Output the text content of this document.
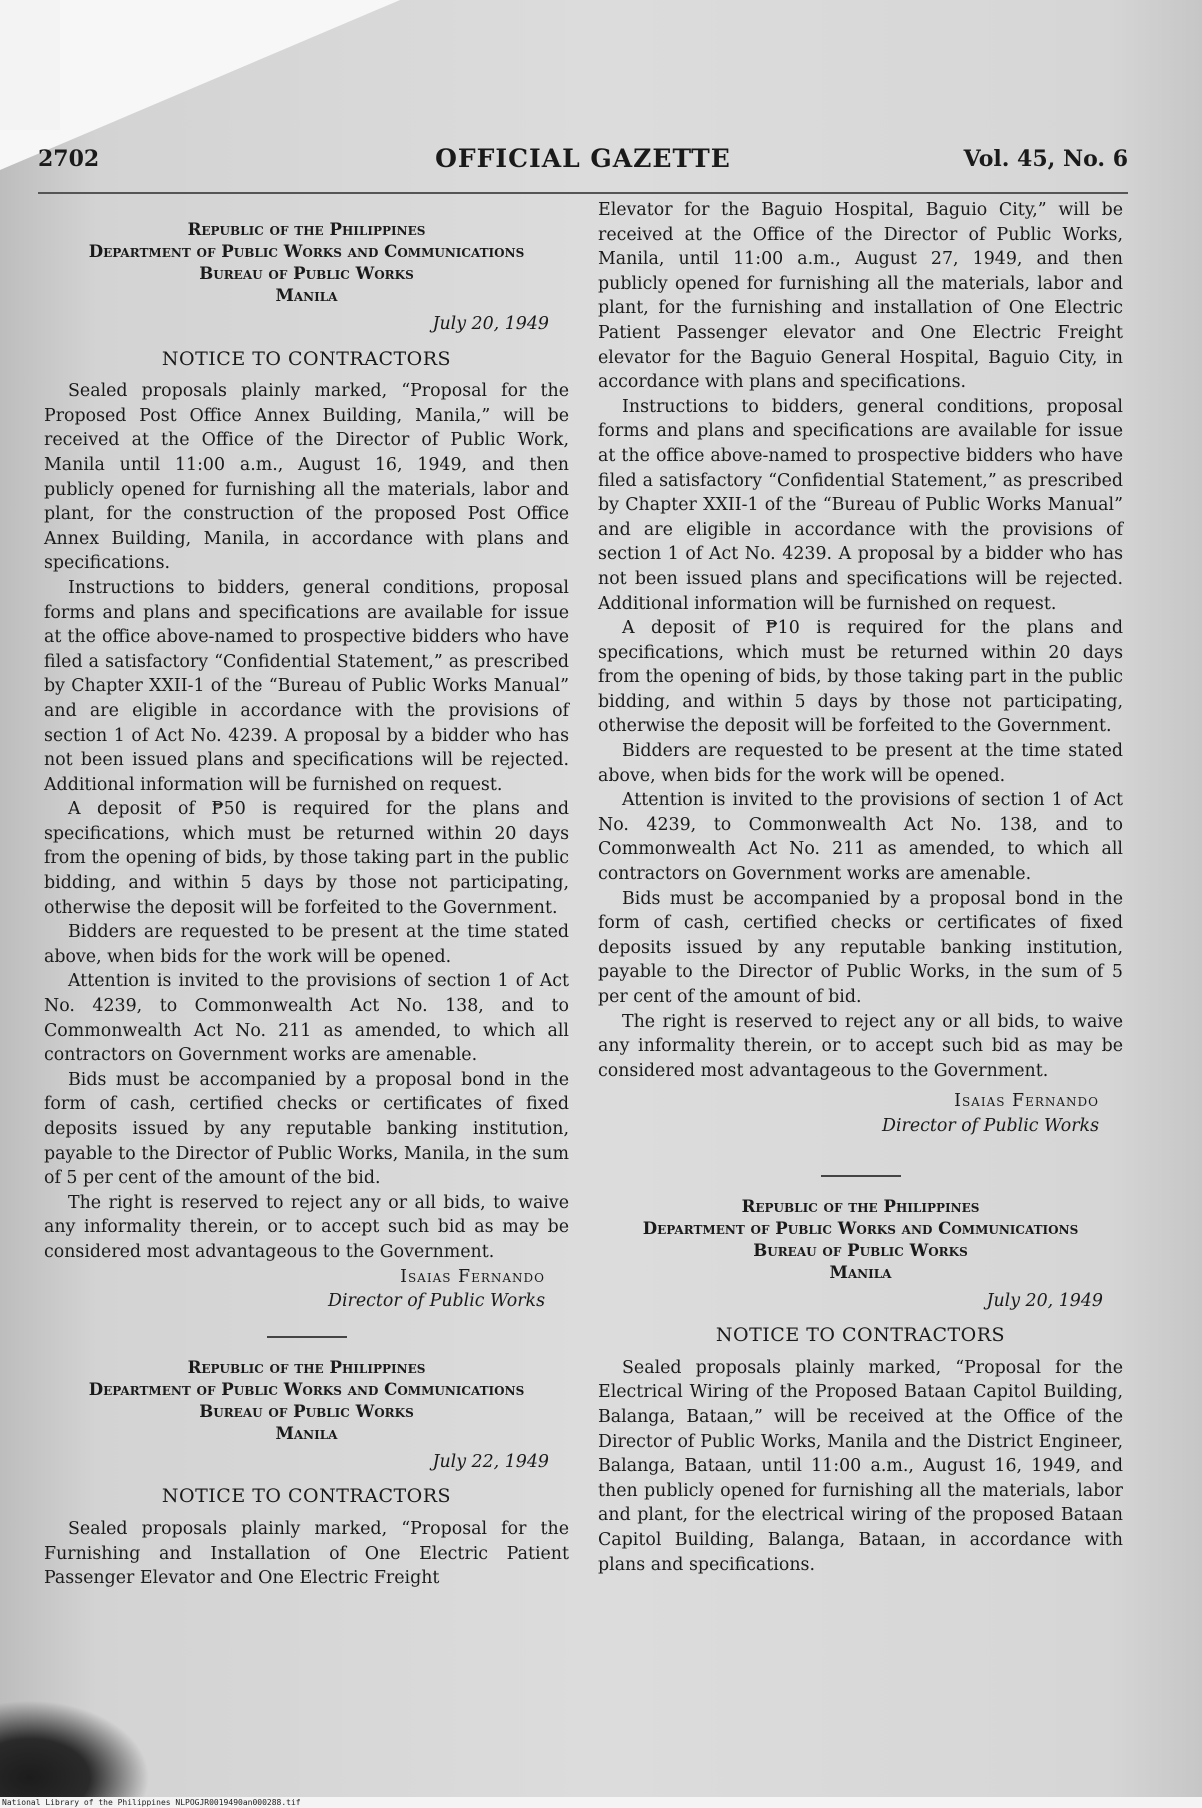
2702	OFFICIAL GAZETTE	Vol. 45, No. 6
Republic of the Philippines
Department of Public Works and Communications
Bureau of Public Works
Manila
July 20, 1949
NOTICE TO CONTRACTORS

Sealed proposals plainly marked, “Proposal for the Proposed Post Office Annex Building, Manila,” will be received at the Office of the Director of Public Work, Manila until 11:00 a.m., August 16, 1949, and then publicly opened for furnishing all the materials, labor and plant, for the construction of the proposed Post Office Annex Building, Manila, in accordance with plans and specifications.

Instructions to bidders, general conditions, proposal forms and plans and specifications are available for issue at the office above-named to prospective bidders who have filed a satisfactory “Confidential Statement,” as prescribed by Chapter XXII-1 of the “Bureau of Public Works Manual” and are eligible in accordance with the provisions of section 1 of Act No. 4239. A proposal by a bidder who has not been issued plans and specifications will be rejected. Additional information will be furnished on request.

A deposit of ₱50 is required for the plans and specifications, which must be returned within 20 days from the opening of bids, by those taking part in the public bidding, and within 5 days by those not participating, otherwise the deposit will be forfeited to the Government.

Bidders are requested to be present at the time stated above, when bids for the work will be opened.

Attention is invited to the provisions of section 1 of Act No. 4239, to Commonwealth Act No. 138, and to Commonwealth Act No. 211 as amended, to which all contractors on Government works are amenable.

Bids must be accompanied by a proposal bond in the form of cash, certified checks or certificates of fixed deposits issued by any reputable banking institution, payable to the Director of Public Works, Manila, in the sum of 5 per cent of the amount of the bid.

The right is reserved to reject any or all bids, to waive any informality therein, or to accept such bid as may be considered most advantageous to the Government.

Isaias Fernando
Director of Public Works
Republic of the Philippines
Department of Public Works and Communications
Bureau of Public Works
Manila
July 22, 1949
NOTICE TO CONTRACTORS

Sealed proposals plainly marked, “Proposal for the Furnishing and Installation of One Electric Patient Passenger Elevator and One Electric Freight

Elevator for the Baguio Hospital, Baguio City,” will be received at the Office of the Director of Public Works, Manila, until 11:00 a.m., August 27, 1949, and then publicly opened for furnishing all the materials, labor and plant, for the furnishing and installation of One Electric Patient Passenger elevator and One Electric Freight elevator for the Baguio General Hospital, Baguio City, in accordance with plans and specifications.

Instructions to bidders, general conditions, proposal forms and plans and specifications are available for issue at the office above-named to prospective bidders who have filed a satisfactory “Confidential Statement,” as prescribed by Chapter XXII-1 of the “Bureau of Public Works Manual” and are eligible in accordance with the provisions of section 1 of Act No. 4239. A proposal by a bidder who has not been issued plans and specifications will be rejected. Additional information will be furnished on request.

A deposit of ₱10 is required for the plans and specifications, which must be returned within 20 days from the opening of bids, by those taking part in the public bidding, and within 5 days by those not participating, otherwise the deposit will be forfeited to the Government.

Bidders are requested to be present at the time stated above, when bids for the work will be opened.

Attention is invited to the provisions of section 1 of Act No. 4239, to Commonwealth Act No. 138, and to Commonwealth Act No. 211 as amended, to which all contractors on Government works are amenable.

Bids must be accompanied by a proposal bond in the form of cash, certified checks or certificates of fixed deposits issued by any reputable banking institution, payable to the Director of Public Works, in the sum of 5 per cent of the amount of bid.

The right is reserved to reject any or all bids, to waive any informality therein, or to accept such bid as may be considered most advantageous to the Government.

Isaias Fernando
Director of Public Works
Republic of the Philippines
Department of Public Works and Communications
Bureau of Public Works
Manila
July 20, 1949
NOTICE TO CONTRACTORS

Sealed proposals plainly marked, “Proposal for the Electrical Wiring of the Proposed Bataan Capitol Building, Balanga, Bataan,” will be received at the Office of the Director of Public Works, Manila and the District Engineer, Balanga, Bataan, until 11:00 a.m., August 16, 1949, and then publicly opened for furnishing all the materials, labor and plant, for the electrical wiring of the proposed Bataan Capitol Building, Balanga, Bataan, in accordance with plans and specifications.

National Library of the Philippines NLPOGJR0019490an000288.tif
